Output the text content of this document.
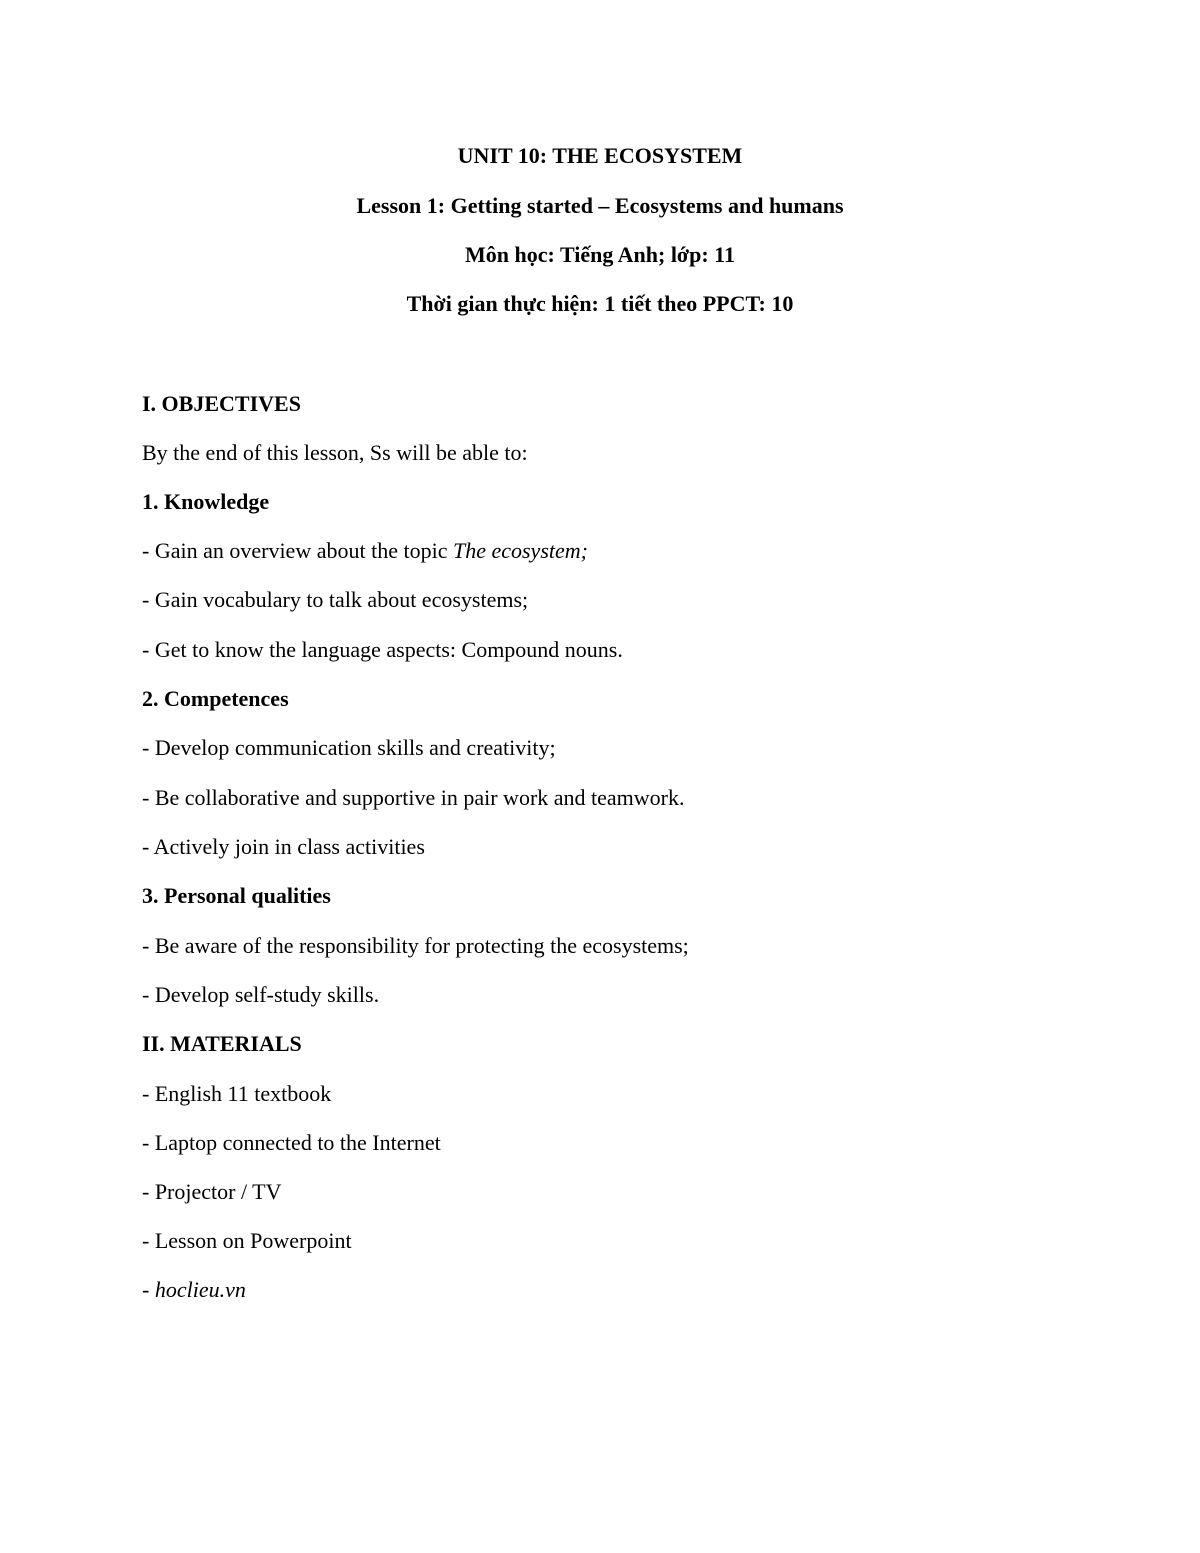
UNIT 10: THE ECOSYSTEM
Lesson 1: Getting started – Ecosystems and humans
Môn học: Tiếng Anh; lớp: 11
Thời gian thực hiện: 1 tiết theo PPCT: 10
I. OBJECTIVES
By the end of this lesson, Ss will be able to:
1. Knowledge
- Gain an overview about the topic The ecosystem;
- Gain vocabulary to talk about ecosystems;
- Get to know the language aspects: Compound nouns.
2. Competences
- Develop communication skills and creativity;
- Be collaborative and supportive in pair work and teamwork.
- Actively join in class activities
3. Personal qualities
- Be aware of the responsibility for protecting the ecosystems;
- Develop self-study skills.
II. MATERIALS
- English 11 textbook
- Laptop connected to the Internet
- Projector / TV
- Lesson on Powerpoint
- hoclieu.vn
